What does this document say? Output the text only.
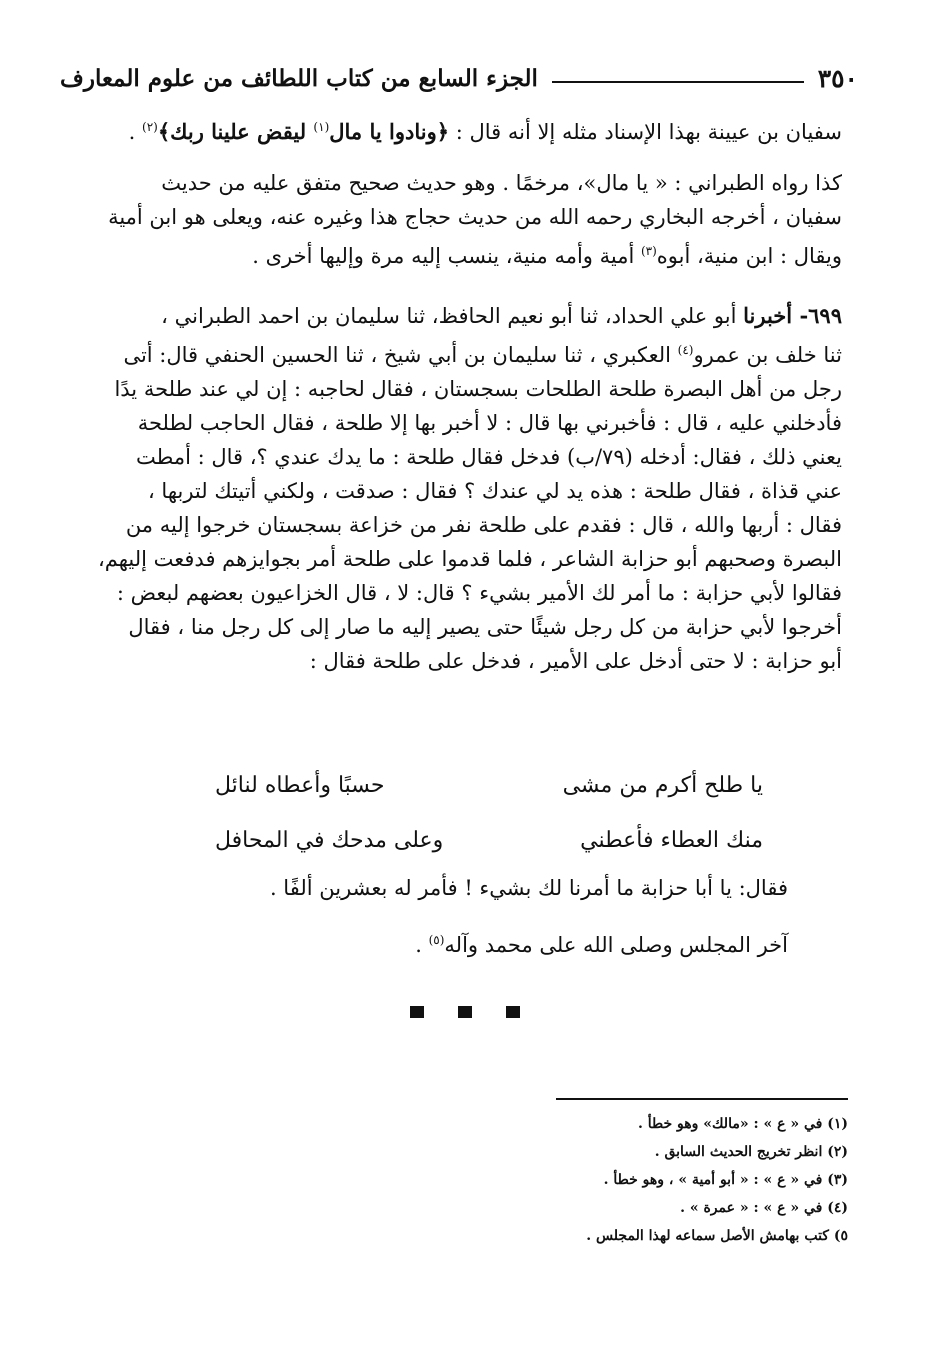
٣٥٠
الجزء السابع من كتاب اللطائف من علوم المعارف
سفيان بن عيينة بهذا الإسناد مثله إلا أنه قال : ﴿ونادوا يا مال$^{(١)}$ ليقض علينا ربك﴾$^{(٢)}$ .
كذا رواه الطبراني : « يا مال»، مرخمًا . وهو حديث صحيح متفق عليه من حديث
سفيان ، أخرجه البخاري رحمه الله من حديث حجاج هذا وغيره عنه، ويعلى هو ابن أمية
ويقال : ابن منية، أبوه$^{(٣)}$ أمية وأمه منية، ينسب إليه مرة وإليها أخرى .
٦٩٩- أخبرنا أبو علي الحداد، ثنا أبو نعيم الحافظ، ثنا سليمان بن احمد الطبراني ،
ثنا خلف بن عمرو$^{(٤)}$ العكبري ، ثنا سليمان بن أبي شيخ ، ثنا الحسين الحنفي قال: أتى
رجل من أهل البصرة طلحة الطلحات بسجستان ، فقال لحاجبه : إن لي عند طلحة يدًا
فأدخلني عليه ، قال : فأخبرني بها قال : لا أخبر بها إلا طلحة ، فقال الحاجب لطلحة
يعني ذلك ، فقال: أدخله (٧٩/ب) فدخل فقال طلحة : ما يدك عندي ؟، قال : أمطت
عني قذاة ، فقال طلحة : هذه يد لي عندك ؟ فقال : صدقت ، ولكني أتيتك لتربها ،
فقال : أربها والله ، قال : فقدم على طلحة نفر من خزاعة بسجستان خرجوا إليه من
البصرة وصحبهم أبو حزابة الشاعر ، فلما قدموا على طلحة أمر بجوايزهم فدفعت إليهم،
فقالوا لأبي حزابة : ما أمر لك الأمير بشيء ؟ قال: لا ، قال الخزاعيون بعضهم لبعض :
أخرجوا لأبي حزابة من كل رجل شيئًا حتى يصير إليه ما صار إلى كل رجل منا ، فقال
أبو حزابة : لا حتى أدخل على الأمير ، فدخل على طلحة فقال :
يا طلح أكرم من مشى
حسبًا وأعطاه لنائل
منك العطاء فأعطني
وعلى مدحك في المحافل
فقال: يا أبا حزابة ما أمرنا لك بشيء ! فأمر له بعشرين ألفًا .
آخر المجلس وصلى الله على محمد وآله$^{(٥)}$ .
(١) في « ع » : «مالك» وهو خطأ .
(٢) انظر تخريج الحديث السابق .
(٣) في « ع » : « أبو أمية » ، وهو خطأ .
(٤) في « ع » : « عمرة » .
٥) كتب بهامش الأصل سماعه لهذا المجلس .
